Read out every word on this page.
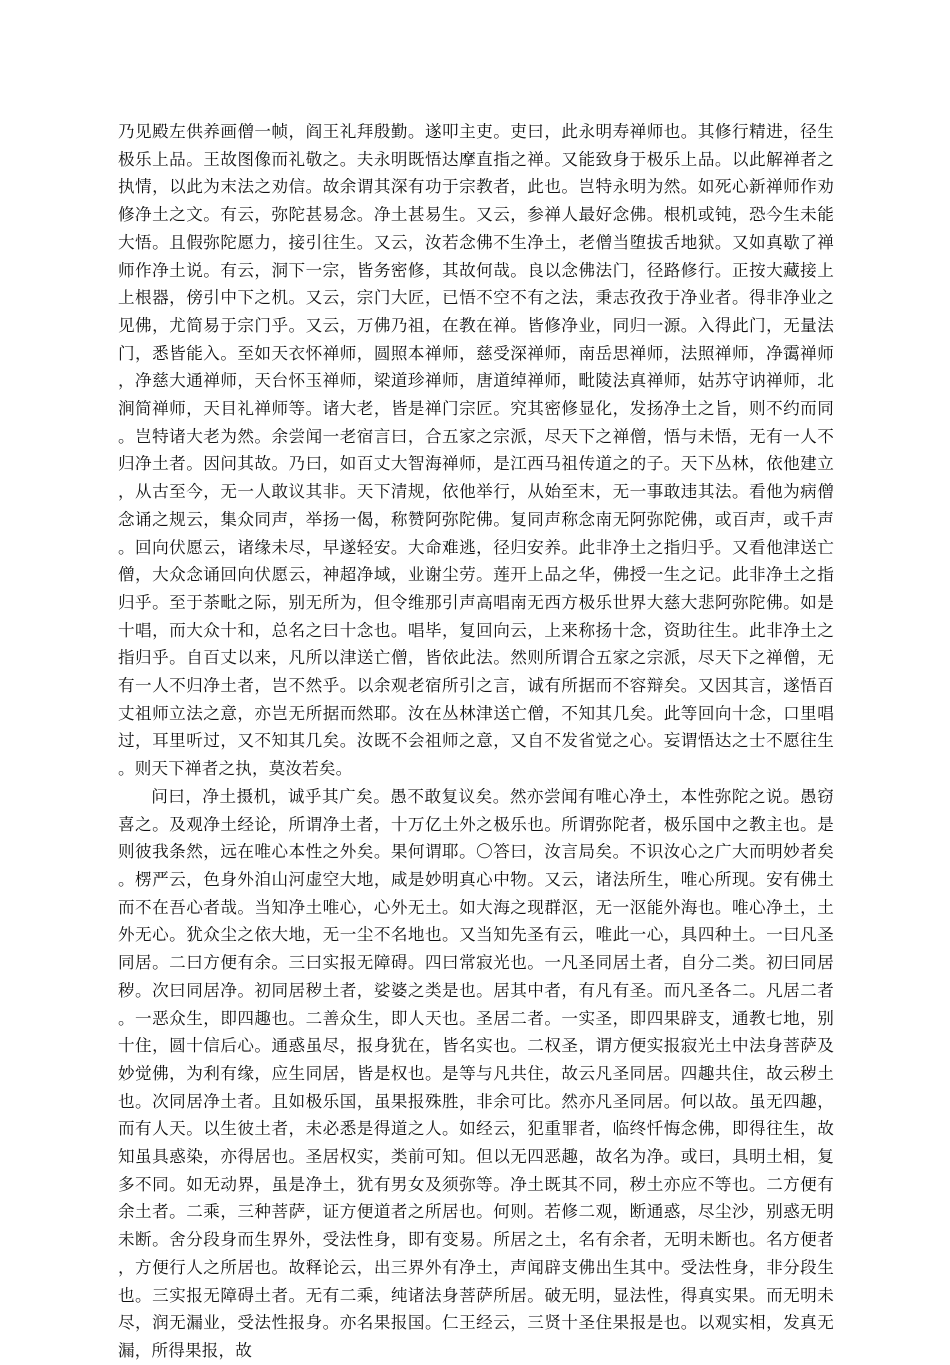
乃见殿左供养画僧一帧，阎王礼拜殷勤。遂叩主吏。吏曰，此永明寿禅师也。其修行精进，径生极乐上品。王故图像而礼敬之。夫永明既悟达摩直指之禅。又能致身于极乐上品。以此解禅者之执情，以此为末法之劝信。故余谓其深有功于宗教者，此也。岂特永明为然。如死心新禅师作劝修净土之文。有云，弥陀甚易念。净土甚易生。又云，参禅人最好念佛。根机或钝，恐今生未能大悟。且假弥陀愿力，接引往生。又云，汝若念佛不生净土，老僧当堕拔舌地狱。又如真歇了禅师作净土说。有云，洞下一宗，皆务密修，其故何哉。良以念佛法门，径路修行。正按大藏接上上根器，傍引中下之机。又云，宗门大匠，已悟不空不有之法，秉志孜孜于净业者。得非净业之见佛，尤简易于宗门乎。又云，万佛乃祖，在教在禅。皆修净业，同归一源。入得此门，无量法门，悉皆能入。至如天衣怀禅师，圆照本禅师，慈受深禅师，南岳思禅师，法照禅师，净霭禅师，净慈大通禅师，天台怀玉禅师，梁道珍禅师，唐道绰禅师，毗陵法真禅师，姑苏守讷禅师，北涧简禅师，天目礼禅师等。诸大老，皆是禅门宗匠。究其密修显化，发扬净土之旨，则不约而同。岂特诸大老为然。余尝闻一老宿言曰，合五家之宗派，尽天下之禅僧，悟与未悟，无有一人不归净土者。因问其故。乃曰，如百丈大智海禅师，是江西马祖传道之的子。天下丛林，依他建立，从古至今，无一人敢议其非。天下清规，依他举行，从始至末，无一事敢违其法。看他为病僧念诵之规云，集众同声，举扬一偈，称赞阿弥陀佛。复同声称念南无阿弥陀佛，或百声，或千声。回向伏愿云，诸缘未尽，早遂轻安。大命难逃，径归安养。此非净土之指归乎。又看他津送亡僧，大众念诵回向伏愿云，神超净域，业谢尘劳。莲开上品之华，佛授一生之记。此非净土之指归乎。至于荼毗之际，别无所为，但令维那引声高唱南无西方极乐世界大慈大悲阿弥陀佛。如是十唱，而大众十和，总名之曰十念也。唱毕，复回向云，上来称扬十念，资助往生。此非净土之指归乎。自百丈以来，凡所以津送亡僧，皆依此法。然则所谓合五家之宗派，尽天下之禅僧，无有一人不归净土者，岂不然乎。以余观老宿所引之言，诚有所据而不容辩矣。又因其言，遂悟百丈祖师立法之意，亦岂无所据而然耶。汝在丛林津送亡僧，不知其几矣。此等回向十念，口里唱过，耳里听过，又不知其几矣。汝既不会祖师之意，又自不发省觉之心。妄谓悟达之士不愿往生。则天下禅者之执，莫汝若矣。

问曰，净土摄机，诚乎其广矣。愚不敢复议矣。然亦尝闻有唯心净土，本性弥陀之说。愚窃喜之。及观净土经论，所谓净土者，十万亿土外之极乐也。所谓弥陀者，极乐国中之教主也。是则彼我条然，远在唯心本性之外矣。果何谓耶。〇答曰，汝言局矣。不识汝心之广大而明妙者矣。楞严云，色身外洎山河虚空大地，咸是妙明真心中物。又云，诸法所生，唯心所现。安有佛土而不在吾心者哉。当知净土唯心，心外无土。如大海之现群沤，无一沤能外海也。唯心净土，土外无心。犹众尘之依大地，无一尘不名地也。又当知先圣有云，唯此一心，具四种土。一曰凡圣同居。二曰方便有余。三曰实报无障碍。四曰常寂光也。一凡圣同居土者，自分二类。初曰同居秽。次曰同居净。初同居秽土者，娑婆之类是也。居其中者，有凡有圣。而凡圣各二。凡居二者。一恶众生，即四趣也。二善众生，即人天也。圣居二者。一实圣，即四果辟支，通教七地，别十住，圆十信后心。通惑虽尽，报身犹在，皆名实也。二权圣，谓方便实报寂光土中法身菩萨及妙觉佛，为利有缘，应生同居，皆是权也。是等与凡共住，故云凡圣同居。四趣共住，故云秽土也。次同居净土者。且如极乐国，虽果报殊胜，非余可比。然亦凡圣同居。何以故。虽无四趣，而有人天。以生彼土者，未必悉是得道之人。如经云，犯重罪者，临终忏悔念佛，即得往生，故知虽具惑染，亦得居也。圣居权实，类前可知。但以无四恶趣，故名为净。或曰，具明土相，复多不同。如无动界，虽是净土，犹有男女及须弥等。净土既其不同，秽土亦应不等也。二方便有余土者。二乘，三种菩萨，证方便道者之所居也。何则。若修二观，断通惑，尽尘沙，别惑无明未断。舍分段身而生界外，受法性身，即有变易。所居之土，名有余者，无明未断也。名方便者，方便行人之所居也。故释论云，出三界外有净土，声闻辟支佛出生其中。受法性身，非分段生也。三实报无障碍土者。无有二乘，纯诸法身菩萨所居。破无明，显法性，得真实果。而无明未尽，润无漏业，受法性报身。亦名果报国。仁王经云，三贤十圣住果报是也。以观实相，发真无漏，所得果报，故
